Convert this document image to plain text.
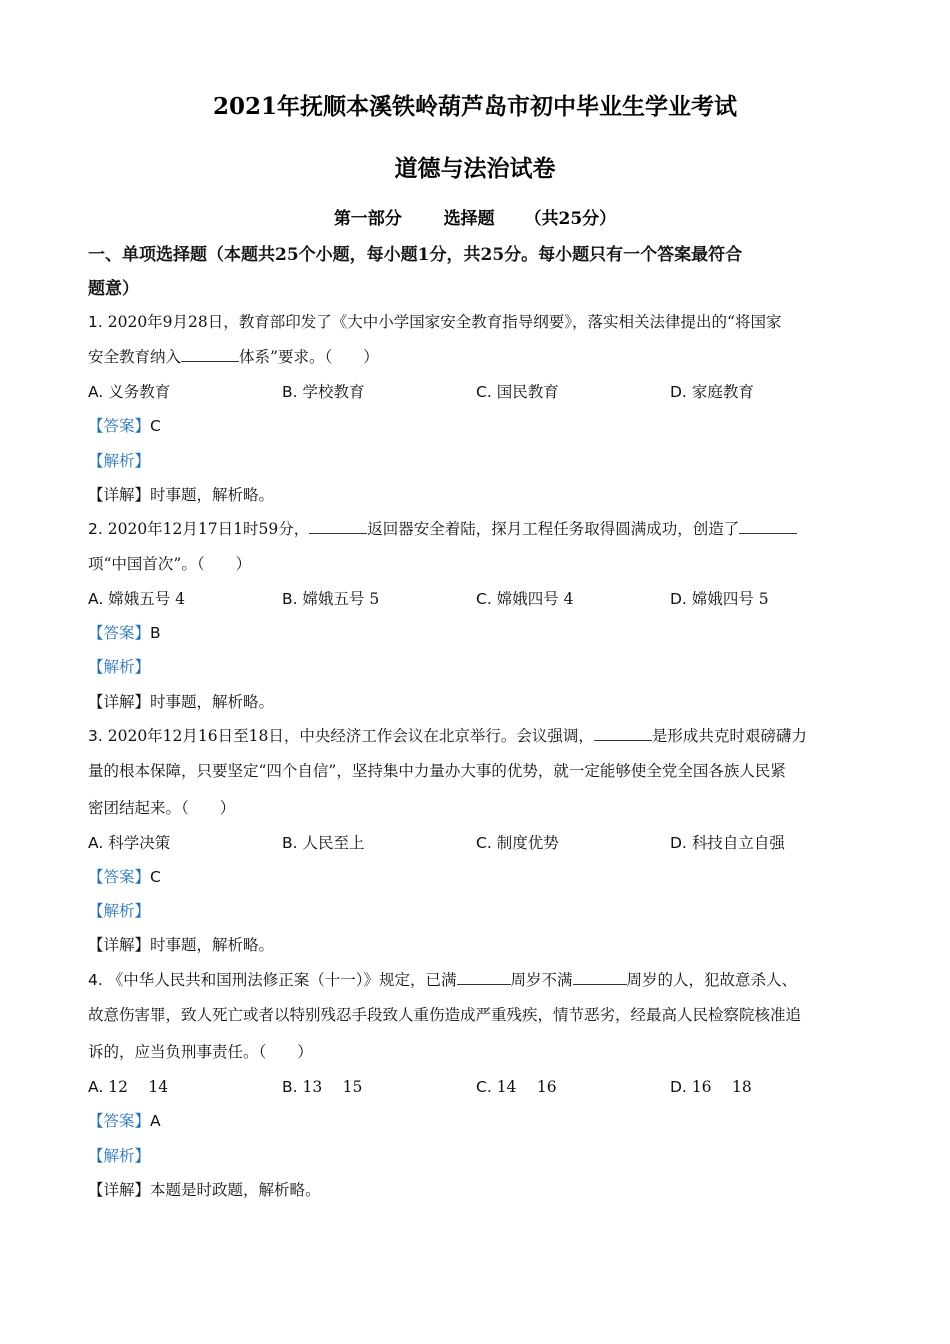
2021年抚顺本溪铁岭葫芦岛市初中毕业生学业考试
道德与法治试卷
第一部分 选择题 （共25分）
一、单项选择题（本题共25个小题，每小题1分，共25分。每小题只有一个答案最符合
题意）
1. 2020年9月28日，教育部印发了《大中小学国家安全教育指导纲要》，落实相关法律提出的“将国家
安全教育纳入	体系”要求。（　　）
A. 义务教育	B. 学校教育	C. 国民教育	D. 家庭教育
【答案】C
【解析】
【详解】时事题，解析略。
2. 2020年12月17日1时59分，	返回器安全着陆，探月工程任务取得圆满成功，创造了
项“中国首次”。（　　）
A. 嫦娥五号 4	B. 嫦娥五号 5	C. 嫦娥四号 4	D. 嫦娥四号 5
【答案】B
【解析】
【详解】时事题，解析略。
3. 2020年12月16日至18日，中央经济工作会议在北京举行。会议强调，	是形成共克时艰磅礴力
量的根本保障，只要坚定“四个自信”，坚持集中力量办大事的优势，就一定能够使全党全国各族人民紧
密团结起来。（　　）
A. 科学决策	B. 人民至上	C. 制度优势	D. 科技自立自强
【答案】C
【解析】
【详解】时事题，解析略。
4. 《中华人民共和国刑法修正案（十一）》规定，已满	周岁不满	周岁的人，犯故意杀人、
故意伤害罪，致人死亡或者以特别残忍手段致人重伤造成严重残疾，情节恶劣，经最高人民检察院核准追
诉的，应当负刑事责任。（　　）
A. 12　 14	B. 13　 15	C. 14　 16	D. 16　 18
【答案】A
【解析】
【详解】本题是时政题，解析略。
